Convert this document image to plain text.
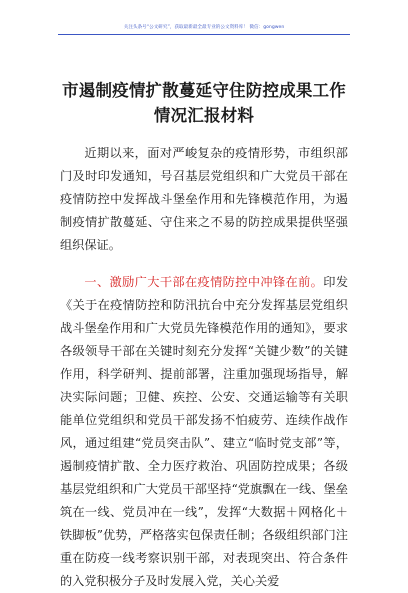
关注头条号“公文研究”，获取最新最全最专业的公文资料库！ 微信：gongwen
市遏制疫情扩散蔓延守住防控成果工作情况汇报材料

近期以来，面对严峻复杂的疫情形势，市组织部门及时印发通知，号召基层党组织和广大党员干部在疫情防控中发挥战斗堡垒作用和先锋模范作用，为遏制疫情扩散蔓延、守住来之不易的防控成果提供坚强组织保证。

一、激励广大干部在疫情防控中冲锋在前。印发《关于在疫情防控和防汛抗台中充分发挥基层党组织战斗堡垒作用和广大党员先锋模范作用的通知》，要求各级领导干部在关键时刻充分发挥“关键少数”的关键作用，科学研判、提前部署，注重加强现场指导，解决实际问题；卫健、疾控、公安、交通运输等有关职能单位党组织和党员干部发扬不怕疲劳、连续作战作风，通过组建“党员突击队”、建立“临时党支部”等，遏制疫情扩散、全力医疗救治、巩固防控成果；各级基层党组织和广大党员干部坚持“党旗飘在一线、堡垒筑在一线、党员冲在一线”，发挥“大数据＋网格化＋铁脚板”优势，严格落实包保责任制；各级组织部门注重在防疫一线考察识别干部，对表现突出、符合条件的入党积极分子及时发展入党，关心关爱
